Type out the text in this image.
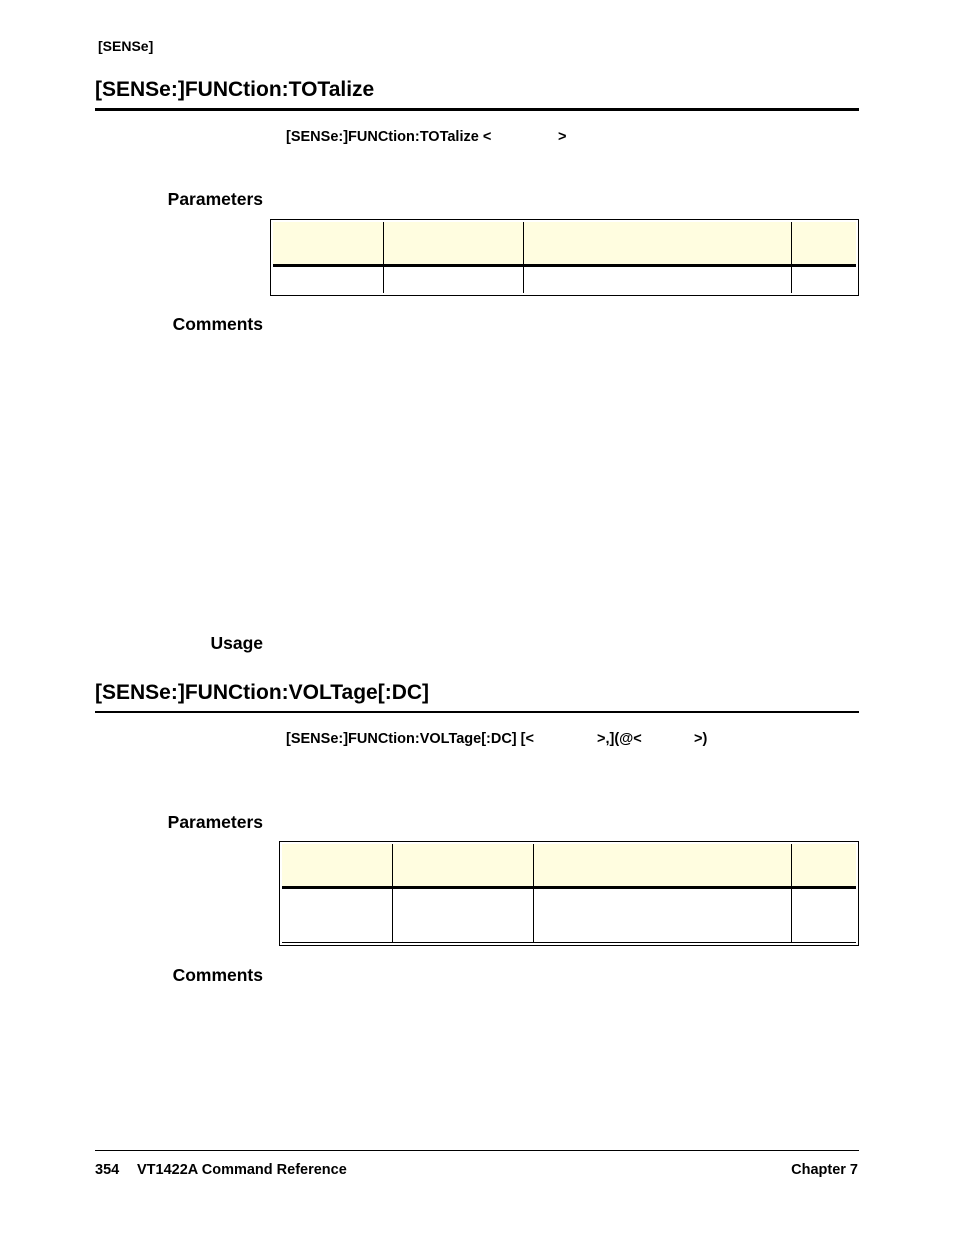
[SENSe]
[SENSe:]FUNCtion:TOTalize
[SENSe:]FUNCtion:TOTalize <	>
Parameters

Comments
Usage
[SENSe:]FUNCtion:VOLTage[:DC]
[SENSe:]FUNCtion:VOLTage[:DC] [<	>,](@<	>)
Parameters

Comments
354 VT1422A Command Reference	Chapter 7
